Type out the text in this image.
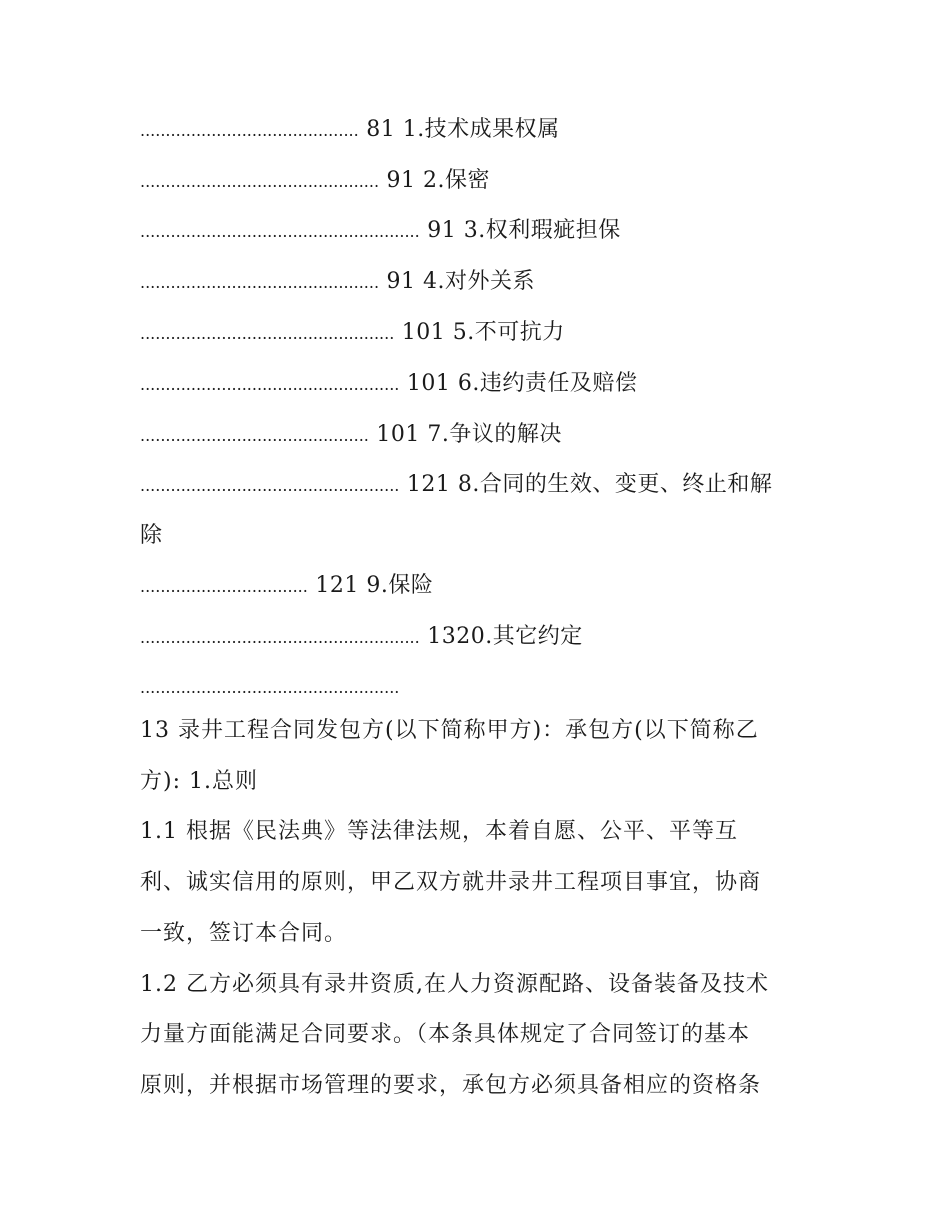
........................................... 81 1.技术成果权属
............................................... 91 2.保密
....................................................... 91 3.权利瑕疵担保
............................................... 91 4.对外关系
.................................................. 101 5.不可抗力
................................................... 101 6.违约责任及赔偿
............................................. 101 7.争议的解决
................................................... 121 8.合同的生效、变更、终止和解
除
................................. 121 9.保险
....................................................... 1320.其它约定
...................................................
13 录井工程合同发包方(以下简称甲方)：承包方(以下简称乙
方): 1.总则
1.1 根据《民法典》等法律法规，本着自愿、公平、平等互
利、诚实信用的原则，甲乙双方就井录井工程项目事宜，协商
一致，签订本合同。
1.2 乙方必须具有录井资质,在人力资源配路、设备装备及技术
力量方面能满足合同要求。（本条具体规定了合同签订的基本
原则，并根据市场管理的要求，承包方必须具备相应的资格条
